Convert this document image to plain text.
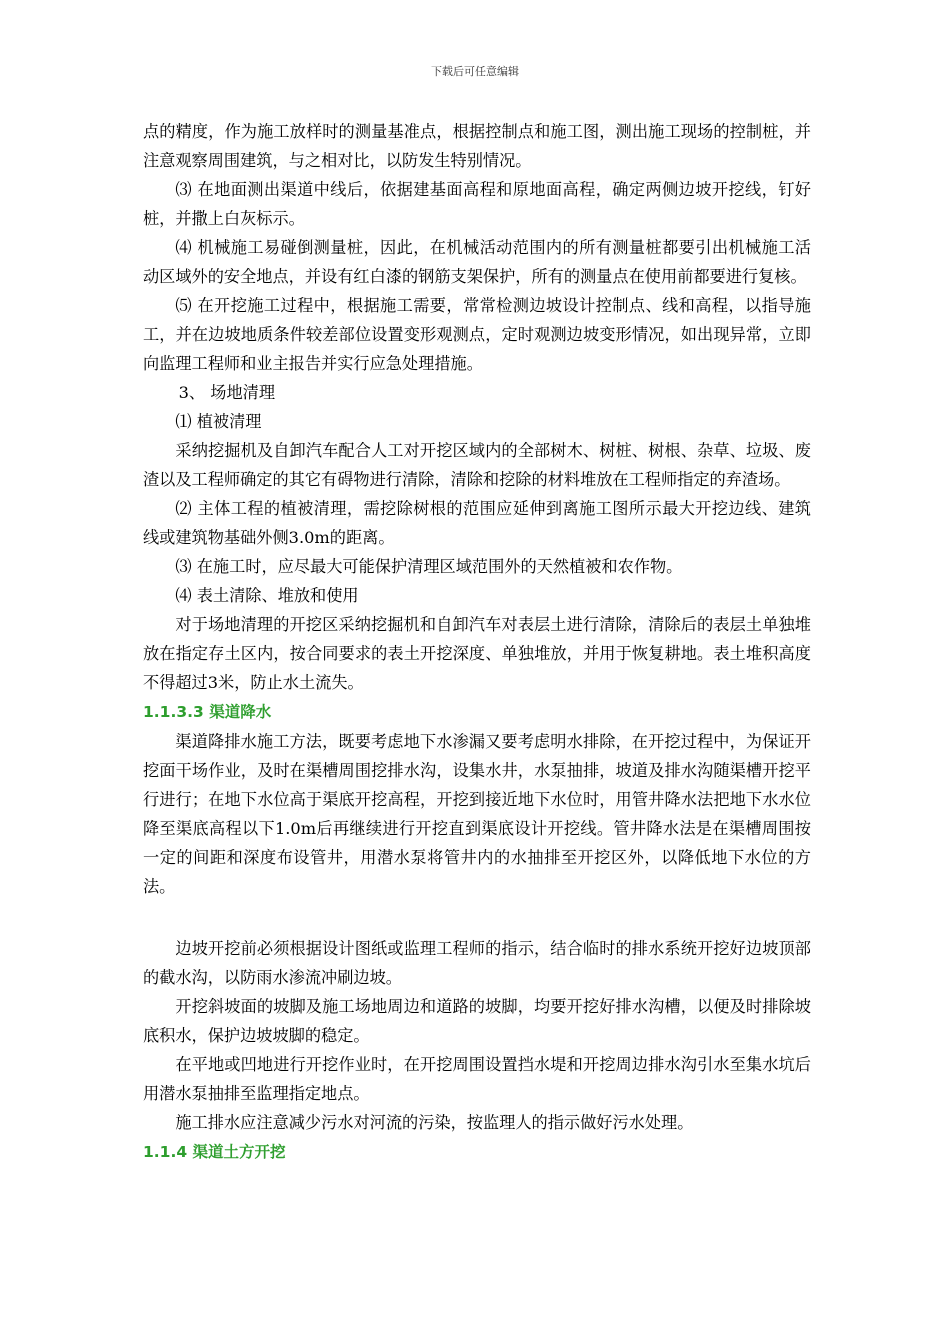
下载后可任意编辑

点的精度，作为施工放样时的测量基准点，根据控制点和施工图，测出施工现场的控制桩，并注意观察周围建筑，与之相对比，以防发生特别情况。

⑶ 在地面测出渠道中线后，依据建基面高程和原地面高程，确定两侧边坡开挖线，钉好桩，并撒上白灰标示。

⑷ 机械施工易碰倒测量桩，因此，在机械活动范围内的所有测量桩都要引出机械施工活动区域外的安全地点，并设有红白漆的钢筋支架保护，所有的测量点在使用前都要进行复核。

⑸ 在开挖施工过程中，根据施工需要，常常检测边坡设计控制点、线和高程，以指导施工，并在边坡地质条件较差部位设置变形观测点，定时观测边坡变形情况，如出现异常，立即向监理工程师和业主报告并实行应急处理措施。

3、 场地清理

⑴ 植被清理

采纳挖掘机及自卸汽车配合人工对开挖区域内的全部树木、树桩、树根、杂草、垃圾、废渣以及工程师确定的其它有碍物进行清除，清除和挖除的材料堆放在工程师指定的弃渣场。

⑵ 主体工程的植被清理，需挖除树根的范围应延伸到离施工图所示最大开挖边线、建筑线或建筑物基础外侧3.0m的距离。

⑶ 在施工时，应尽最大可能保护清理区域范围外的天然植被和农作物。

⑷ 表土清除、堆放和使用

对于场地清理的开挖区采纳挖掘机和自卸汽车对表层土进行清除，清除后的表层土单独堆放在指定存土区内，按合同要求的表土开挖深度、单独堆放，并用于恢复耕地。表土堆积高度不得超过3米，防止水土流失。

1.1.3.3 渠道降水

渠道降排水施工方法，既要考虑地下水渗漏又要考虑明水排除，在开挖过程中，为保证开挖面干场作业，及时在渠槽周围挖排水沟，设集水井，水泵抽排，坡道及排水沟随渠槽开挖平行进行；在地下水位高于渠底开挖高程，开挖到接近地下水位时，用管井降水法把地下水水位降至渠底高程以下1.0m后再继续进行开挖直到渠底设计开挖线。管井降水法是在渠槽周围按一定的间距和深度布设管井，用潜水泵将管井内的水抽排至开挖区外，以降低地下水位的方法。

边坡开挖前必须根据设计图纸或监理工程师的指示，结合临时的排水系统开挖好边坡顶部的截水沟，以防雨水渗流冲刷边坡。

开挖斜坡面的坡脚及施工场地周边和道路的坡脚，均要开挖好排水沟槽，以便及时排除坡底积水，保护边坡坡脚的稳定。

在平地或凹地进行开挖作业时，在开挖周围设置挡水堤和开挖周边排水沟引水至集水坑后用潜水泵抽排至监理指定地点。

施工排水应注意减少污水对河流的污染，按监理人的指示做好污水处理。

1.1.4 渠道土方开挖
